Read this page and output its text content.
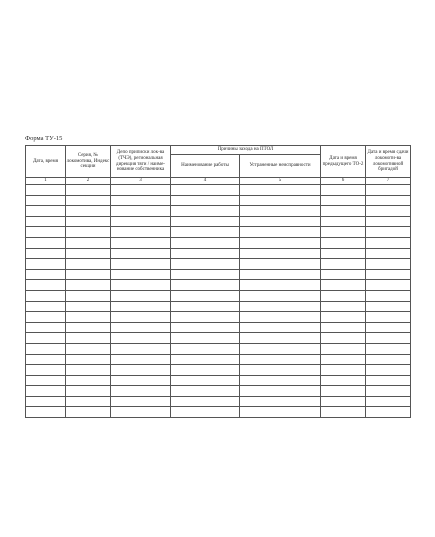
Форма ТУ-15
Дата, время	Серия, № локомотива, Индекс секции	Депо приписки лок-ва (ТЧЭ), региональная дирекция тяги / наиме-нование собственника	Причины захода на ПТОЛ		Дата и время предыдущего ТО-2	Дата и время сдачи локомоти-ва локомотивной бригадой
			Наименование работы	Устраненные неисправности		
1	2	3	4	5	6	7
